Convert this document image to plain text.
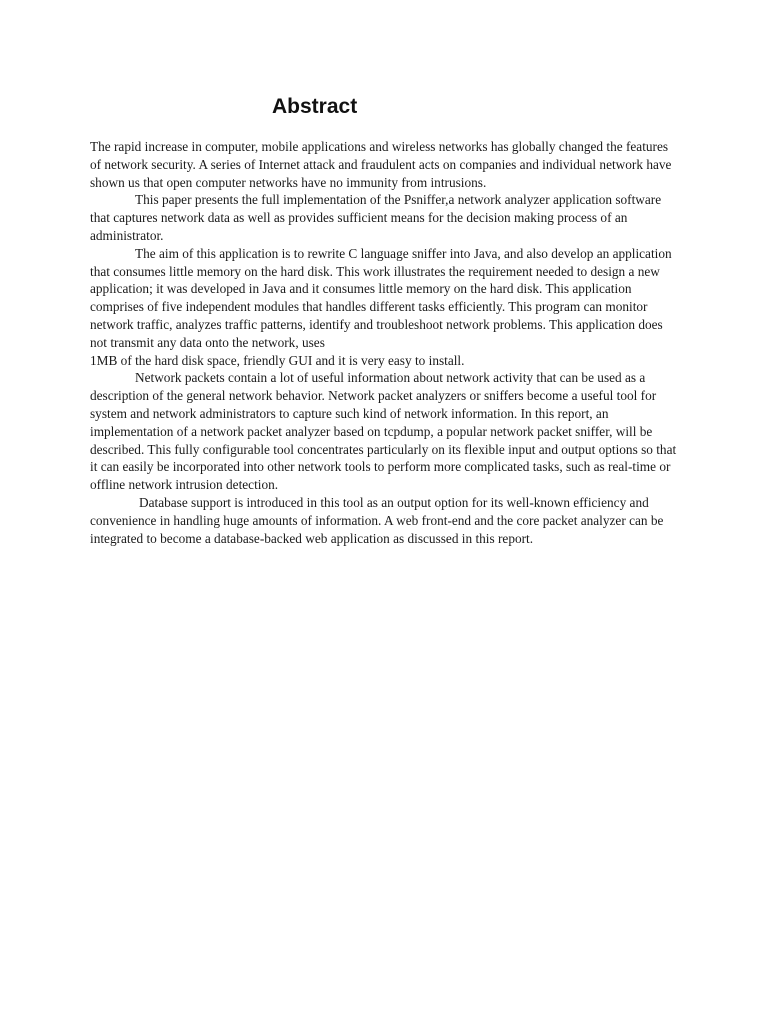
Abstract

The rapid increase in computer, mobile applications and wireless networks has globally changed the features of network security. A series of Internet attack and fraudulent acts on companies and individual network have shown us that open computer networks have no immunity from intrusions.

This paper presents the full implementation of the Psniffer,a network analyzer application software that captures network data as well as provides sufficient means for the decision making process of an administrator.

The aim of this application is to rewrite C language sniffer into Java, and also develop an application that consumes little memory on the hard disk. This work illustrates the requirement needed to design a new application; it was developed in Java and it consumes little memory on the hard disk. This application comprises of five independent modules that handles different tasks efficiently. This program can monitor network traffic, analyzes traffic patterns, identify and troubleshoot network problems. This application does not transmit any data onto the network, uses

1MB of the hard disk space, friendly GUI and it is very easy to install.

Network packets contain a lot of useful information about network activity that can be used as a description of the general network behavior. Network packet analyzers or sniffers become a useful tool for system and network administrators to capture such kind of network information. In this report, an implementation of a network packet analyzer based on tcpdump, a popular network packet sniffer, will be described. This fully configurable tool concentrates particularly on its flexible input and output options so that it can easily be incorporated into other network tools to perform more complicated tasks, such as real-time or offline network intrusion detection.

Database support is introduced in this tool as an output option for its well-known efficiency and convenience in handling huge amounts of information. A web front-end and the core packet analyzer can be integrated to become a database-backed web application as discussed in this report.
